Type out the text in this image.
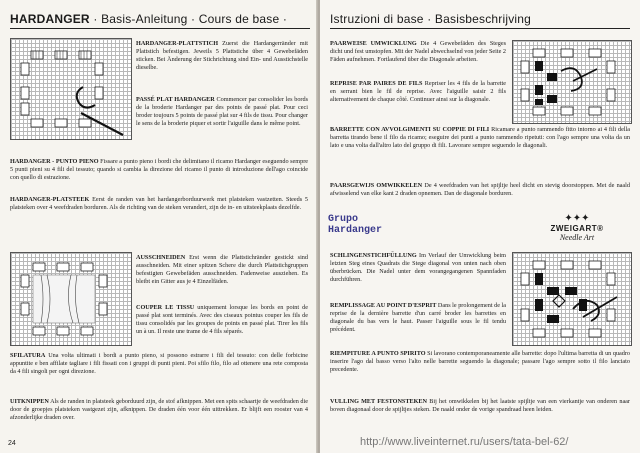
HARDANGER · Basis-Anleitung · Cours de base ·
HARDANGER-PLATTSTICH Zuerst die Hardangerränder mit Plattstich befestigen. Jeweils 5 Plattstiche über 4 Gewebefäden sticken. Bei Änderung der Stichrichtung sind Ein- und Ausstichstelle dieselbe.
PASSÉ PLAT HARDANGER Commencer par consolider les bords de la broderie Hardanger par des points de passé plat. Pour ceci broder toujours 5 points de passé plat sur 4 fils de tissu. Pour changer le sens de la broderie piquer et sortir l'aiguille dans le même point.
HARDANGER - PUNTO PIENO Fissare a punto pieno i bordi che delimitano il ricamo Hardanger eseguendo sempre 5 punti pieni su 4 fili del tessuto; quando si cambia la direzione del ricamo il punto di introduzione dell'ago coincide con quello di estrazione.
HARDANGER-PLATSTEEK Eerst de randen van het hardangerborduurwerk met platsteken vastzetten. Steeds 5 platsteken over 4 weefdraden borduren. Als de richting van de steken verandert, zijn de in- en uitsteekplaats dezelfde.
AUSSCHNEIDEN Erst wenn die Plattstichränder gestickt sind ausschneiden. Mit einer spitzen Schere die durch Plattstichgruppen befestigten Gewebefäden ausschneiden. Fadenweise ausziehen. Es bleibt ein Gitter aus je 4 Einzelfäden.
COUPER LE TISSU uniquement lorsque les bords en point de passé plat sont terminés. Avec des ciseaux pointus couper les fils de tissu consolidés par les groupes de points en passé plat. Tirer les fils un à un. Il reste une trame de 4 fils séparés.
SFILATURA Una volta ultimati i bordi a punto pieno, si possono estrarre i fili del tessuto: con delle forbicine appuntite e ben affilate tagliare i fili fissati con i gruppi di punti pieni. Poi sfilo filo, filo ad ottenere una rete composta da 4 fili singoli per ogni direzione.
UITKNIPPEN Als de randen in platsteek geborduurd zijn, de stof afknippen. Met een spits schaartje de weefdraden die door de groepjes platsteken vastgezet zijn, afknippen. De draden één voor één uittrekken. Er blijft een rooster van 4 afzonderlijke draden over.
24
Istruzioni di base · Basisbeschrijving
PAARWEISE UMWICKLUNG Die 4 Gewebefäden des Steges dicht und fest umstopfen. Mit der Nadel abwechselnd von jeder Seite 2 Fäden aufnehmen. Fortlaufend über die Diagonale arbeiten.
REPRISE PAR PAIRES DE FILS Repriser les 4 fils de la barrette en serrant bien le fil de reprise. Avec l'aiguille saisir 2 fils alternativement de chaque côté. Continuer ainsi sur la diagonale.
BARRETTE CON AVVOLGIMENTI SU COPPIE DI FILI Ricamare a punto rammendo fitto intorno ai 4 fili della barretta tirando bene il filo da ricamo; eseguire dei punti a punto rammendo ripetuti: con l'ago sempre una volta da un lato e una volta dall'altro lato del gruppo di fili. Lavorare sempre seguendo le diagonali.
PAARSGEWIJS OMWIKKELEN De 4 weefdraden van het spijltje heel dicht en stevig doorstoppen. Met de naald afwisselend van elke kant 2 draden opnemen. Dan de diagonale borduren.
Grupo
Hardanger
✦✦✦
ZWEIGART®
Needle Art
SCHLINGENSTICHFÜLLUNG Im Verlauf der Umwicklung beim letzten Steg eines Quadrats die Stege diagonal von unten nach oben überbrücken. Die Nadel unter dem vorangegangenen Spannfaden durchführen.
REMPLISSAGE AU POINT D'ESPRIT Dans le prolongement de la reprise de la dernière barrette d'un carré broder les barrettes en diagonale du bas vers le haut. Passer l'aiguille sous le fil tendu précédent.
RIEMPITURE A PUNTO SPIRITO Si lavorano contemporaneamente alle barrette: dopo l'ultima barretta di un quadro inserire l'ago dal basso verso l'alto nelle barrette seguendo la diagonale; passare l'ago sempre sotto il filo lanciato precedente.
VULLING MET FESTONSTEKEN Bij het omwikkelen bij het laatste spijltje van een vierkantje van onderen naar boven diagonaal door de spijltjes steken. De naald onder de vorige spandraad heen leiden.
http://www.liveinternet.ru/users/tata-bel-62/
